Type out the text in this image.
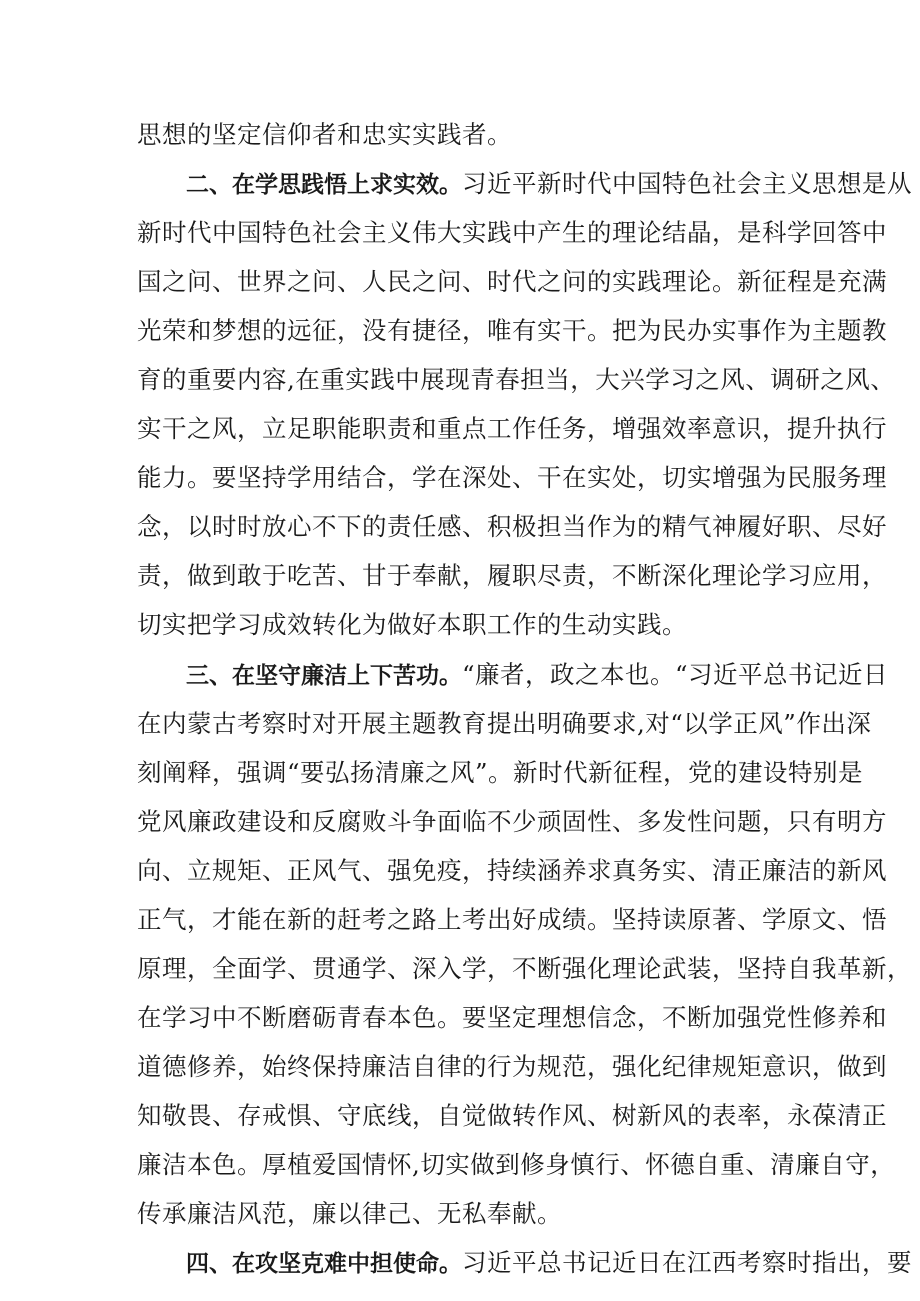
思想的坚定信仰者和忠实实践者。
二、在学思践悟上求实效。习近平新时代中国特色社会主义思想是从
新时代中国特色社会主义伟大实践中产生的理论结晶，是科学回答中
国之问、世界之问、人民之问、时代之问的实践理论。新征程是充满
光荣和梦想的远征，没有捷径，唯有实干。把为民办实事作为主题教
育的重要内容,在重实践中展现青春担当，大兴学习之风、调研之风、
实干之风，立足职能职责和重点工作任务，增强效率意识，提升执行
能力。要坚持学用结合，学在深处、干在实处，切实增强为民服务理
念，以时时放心不下的责任感、积极担当作为的精气神履好职、尽好
责，做到敢于吃苦、甘于奉献，履职尽责，不断深化理论学习应用，
切实把学习成效转化为做好本职工作的生动实践。
三、在坚守廉洁上下苦功。“廉者，政之本也。“习近平总书记近日
在内蒙古考察时对开展主题教育提出明确要求,对“以学正风”作出深
刻阐释，强调“要弘扬清廉之风”。新时代新征程，党的建设特别是
党风廉政建设和反腐败斗争面临不少顽固性、多发性问题，只有明方
向、立规矩、正风气、强免疫，持续涵养求真务实、清正廉洁的新风
正气，才能在新的赶考之路上考出好成绩。坚持读原著、学原文、悟
原理，全面学、贯通学、深入学，不断强化理论武装，坚持自我革新，
在学习中不断磨砺青春本色。要坚定理想信念，不断加强党性修养和
道德修养，始终保持廉洁自律的行为规范，强化纪律规矩意识，做到
知敬畏、存戒惧、守底线，自觉做转作风、树新风的表率，永葆清正
廉洁本色。厚植爱国情怀,切实做到修身慎行、怀德自重、清廉自守，
传承廉洁风范，廉以律己、无私奉献。
四、在攻坚克难中担使命。习近平总书记近日在江西考察时指出，要
